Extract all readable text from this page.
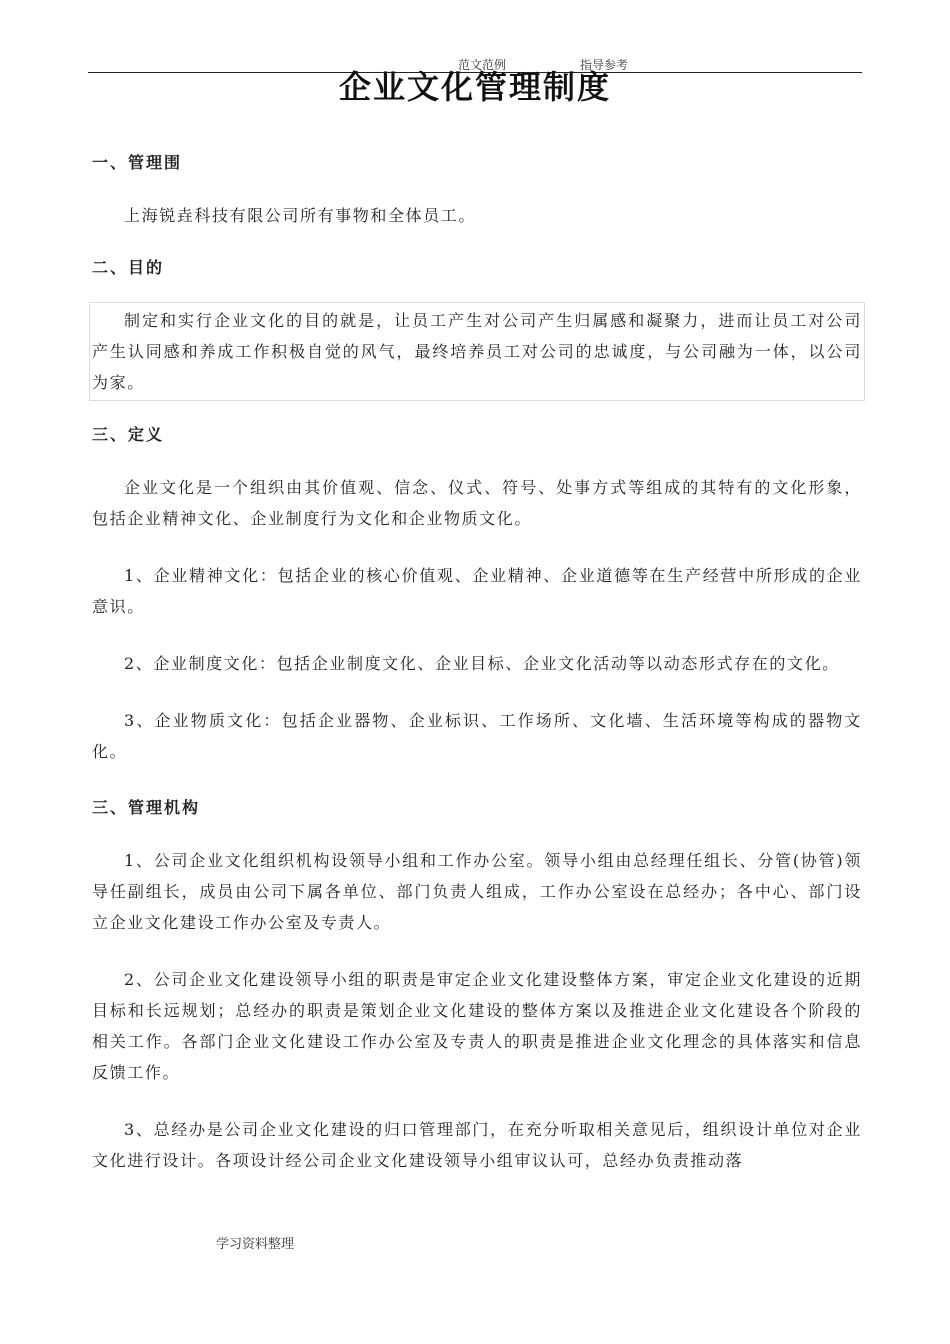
范文范例	指导参考
企业文化管理制度

一、管理围

上海锐垚科技有限公司所有事物和全体员工。

二、目的

制定和实行企业文化的目的就是，让员工产生对公司产生归属感和凝聚力，进而让员工对公司产生认同感和养成工作积极自觉的风气，最终培养员工对公司的忠诚度，与公司融为一体，以公司为家。

三、定义

企业文化是一个组织由其价值观、信念、仪式、符号、处事方式等组成的其特有的文化形象，包括企业精神文化、企业制度行为文化和企业物质文化。

1、企业精神文化：包括企业的核心价值观、企业精神、企业道德等在生产经营中所形成的企业意识。

2、企业制度文化：包括企业制度文化、企业目标、企业文化活动等以动态形式存在的文化。

3、企业物质文化：包括企业器物、企业标识、工作场所、文化墙、生活环境等构成的器物文化。

三、管理机构

1、公司企业文化组织机构设领导小组和工作办公室。领导小组由总经理任组长、分管(协管)领导任副组长，成员由公司下属各单位、部门负责人组成，工作办公室设在总经办；各中心、部门设立企业文化建设工作办公室及专责人。

2、公司企业文化建设领导小组的职责是审定企业文化建设整体方案，审定企业文化建设的近期目标和长远规划；总经办的职责是策划企业文化建设的整体方案以及推进企业文化建设各个阶段的相关工作。各部门企业文化建设工作办公室及专责人的职责是推进企业文化理念的具体落实和信息反馈工作。

3、总经办是公司企业文化建设的归口管理部门，在充分听取相关意见后，组织设计单位对企业文化进行设计。各项设计经公司企业文化建设领导小组审议认可，总经办负责推动落

学习资料整理
